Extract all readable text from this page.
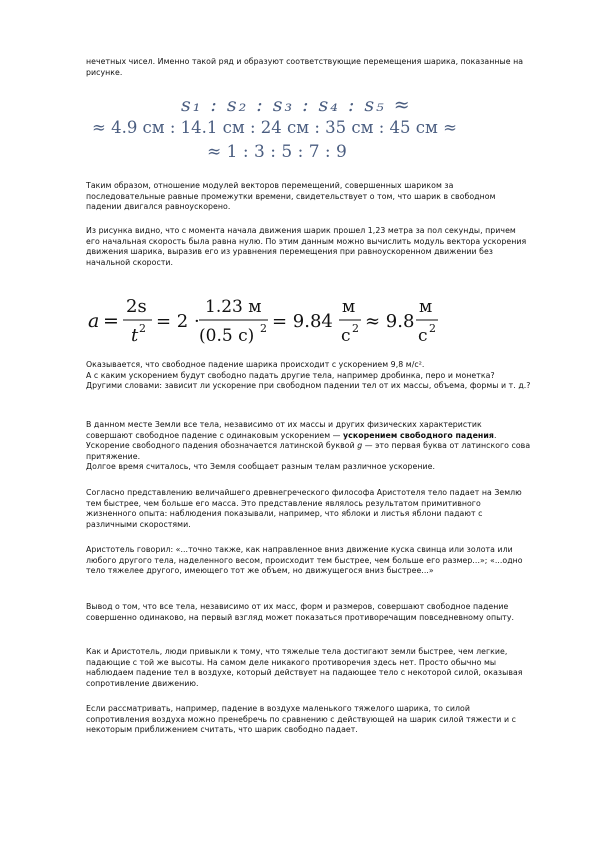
нечетных чисел. Именно такой ряд и образуют соответствующие перемещения шарика, показанные на рисунке.

s₁ : s₂ : s₃ : s₄ : s₅ ≈
≈ 4.9 см : 14.1 см : 24 см : 35 см : 45 см ≈
≈ 1 : 3 : 5 : 7 : 9

Таким образом, отношение модулей векторов перемещений, совершенных шариком за последовательные равные промежутки времени, свидетельствует о том, что шарик в свободном падении двигался равноускорено.

Из рисунка видно, что с момента начала движения шарик прошел 1,23 метра за пол секунды, причем его начальная скорость была равна нулю. По этим данным можно вычислить модуль вектора ускорения движения шарика, выразив его из уравнения перемещения при равноускоренном движении без начальной скорости.

a =
2s
t 2 = 2 ·
1.23 м
(0.5 с) 2 = 9.84
м
с 2 ≈ 9.8
м
с 2

Оказывается, что свободное падение шарика происходит с ускорением 9,8 м/с².
А с каким ускорением будут свободно падать другие тела, например дробинка, перо и монетка? Другими словами: зависит ли ускорение при свободном падении тел от их массы, объема, формы и т. д.?

В данном месте Земли все тела, независимо от их массы и других физических характеристик совершают свободное падение с одинаковым ускорением — ускорением свободного падения. Ускорение свободного падения обозначается латинской буквой g — это первая буква от латинского сова притяжение.
Долгое время считалось, что Земля сообщает разным телам различное ускорение.

Согласно представлению величайшего древнегреческого философа Аристотеля тело падает на Землю тем быстрее, чем больше его масса. Это представление являлось результатом примитивного жизненного опыта: наблюдения показывали, например, что яблоки и листья яблони падают с различными скоростями.

Аристотель говорил: «...точно также, как направленное вниз движение куска свинца или золота или любого другого тела, наделенного весом, происходит тем быстрее, чем больше его размер...»; «...одно тело тяжелее другого, имеющего тот же объем, но движущегося вниз быстрее...»

Вывод о том, что все тела, независимо от их масс, форм и размеров, совершают свободное падение совершенно одинаково, на первый взгляд может показаться противоречащим повседневному опыту.

Как и Аристотель, люди привыкли к тому, что тяжелые тела достигают земли быстрее, чем легкие, падающие с той же высоты. На самом деле никакого противоречия здесь нет. Просто обычно мы наблюдаем падение тел в воздухе, который действует на падающее тело с некоторой силой, оказывая сопротивление движению.

Если рассматривать, например, падение в воздухе маленького тяжелого шарика, то силой сопротивления воздуха можно пренебречь по сравнению с действующей на шарик силой тяжести и с некоторым приближением считать, что шарик свободно падает.
